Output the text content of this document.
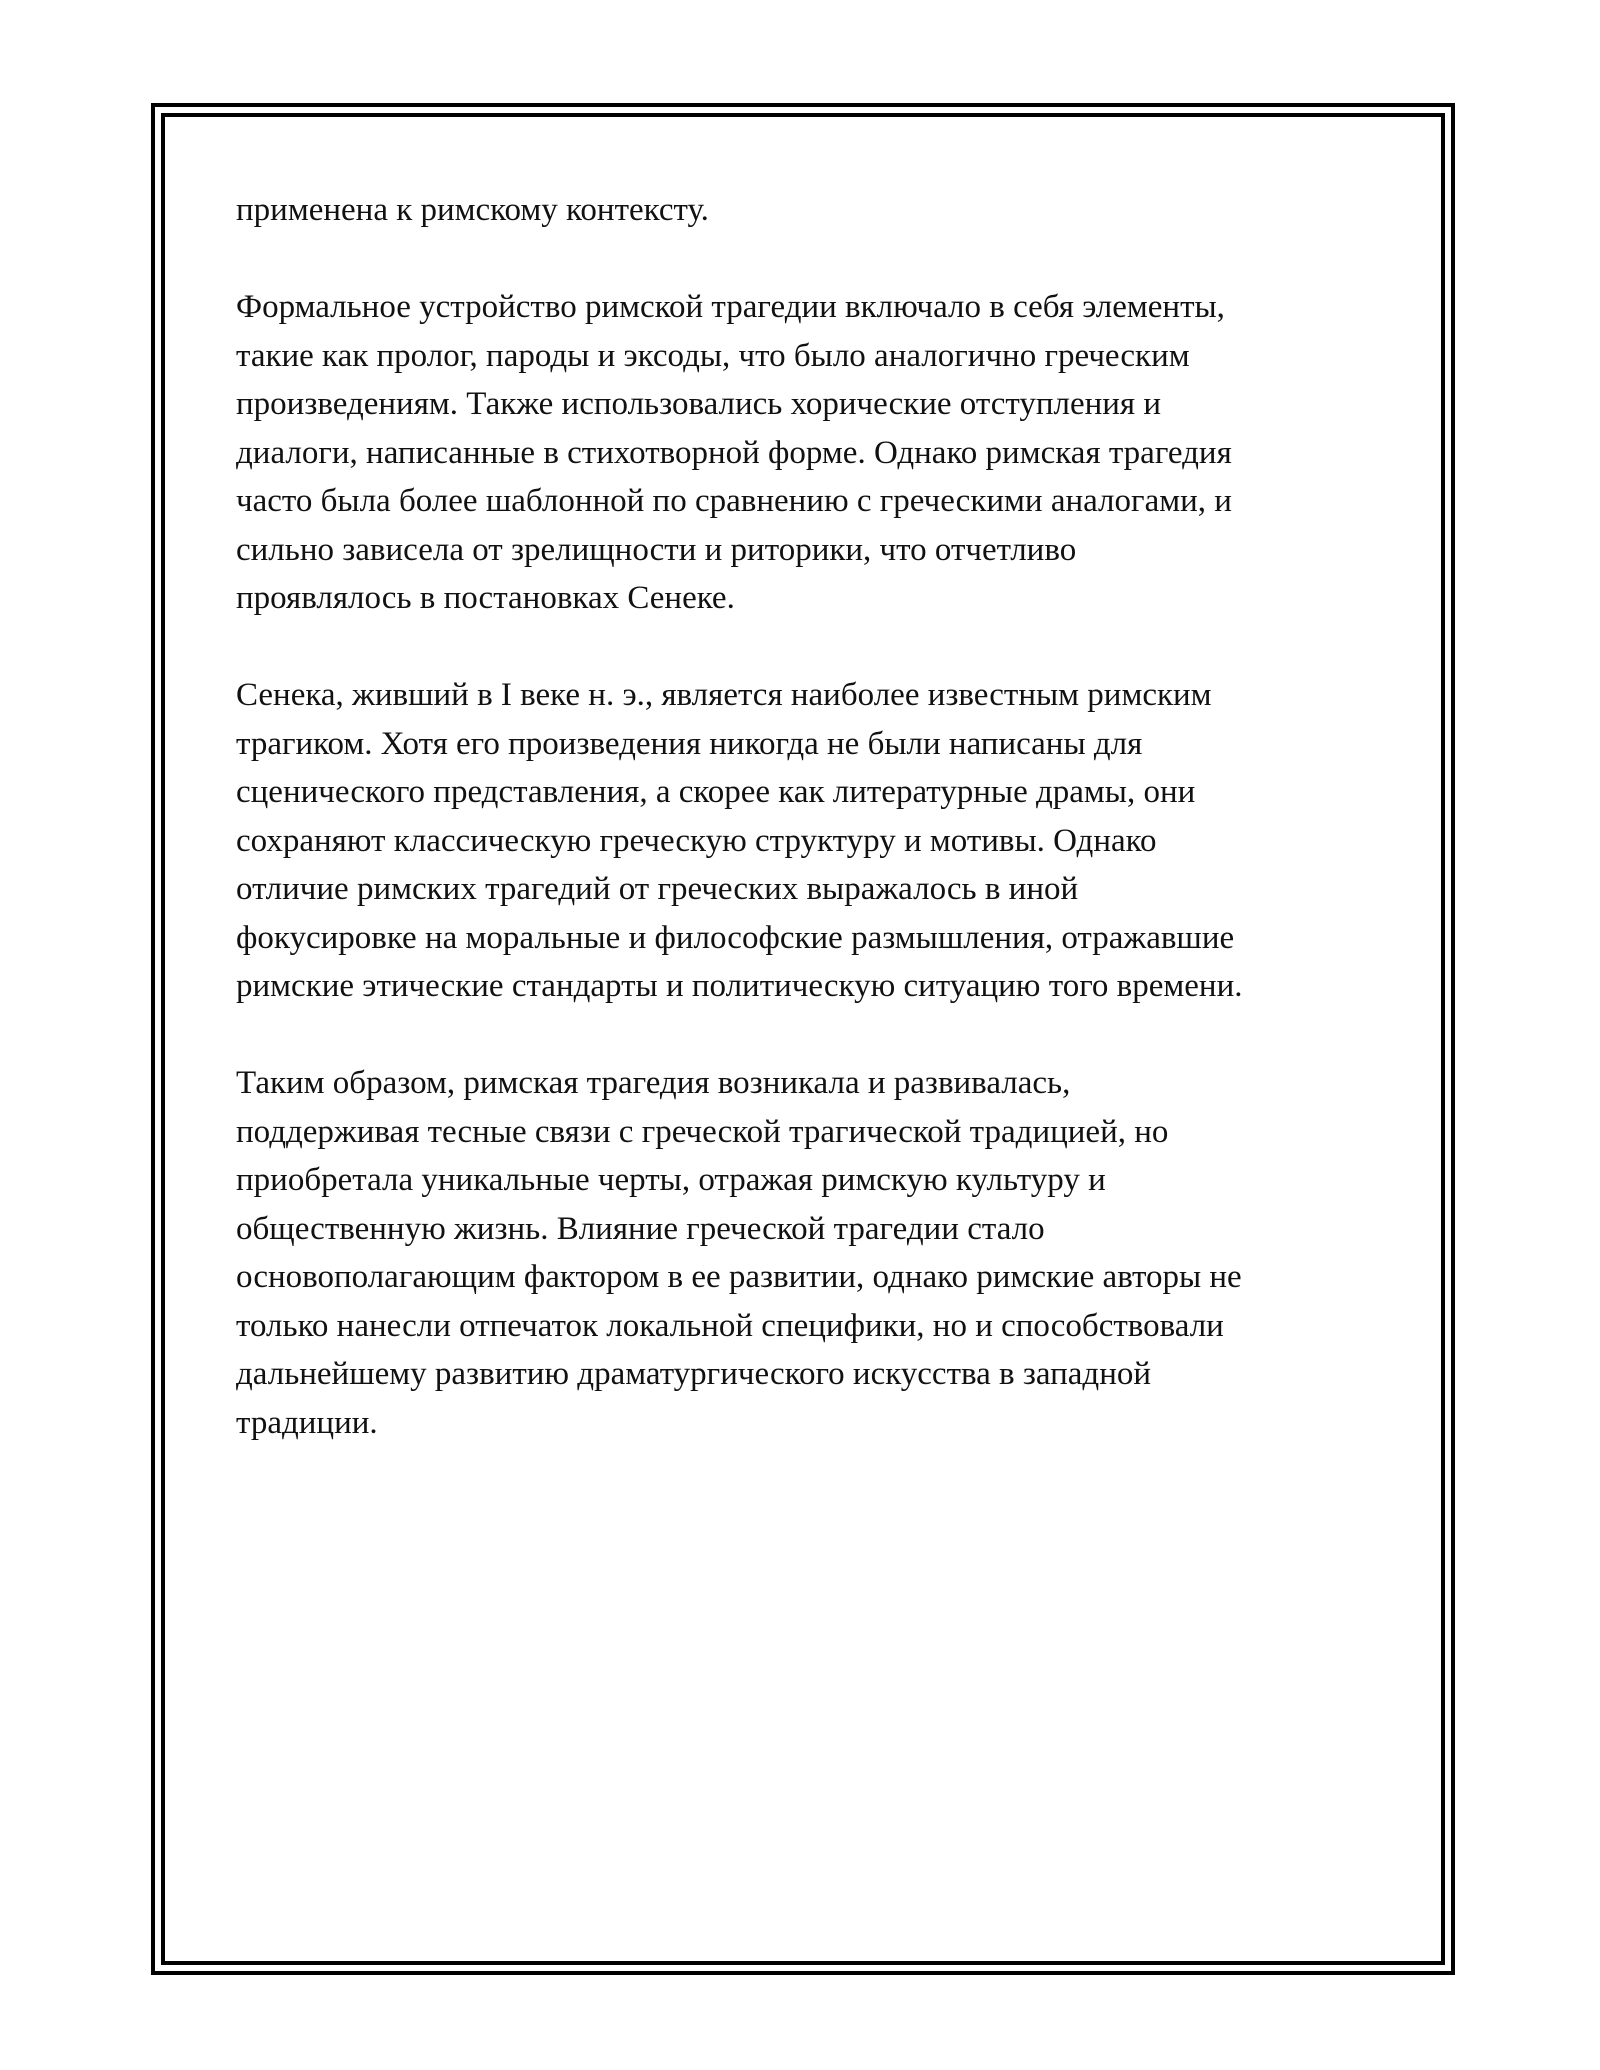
применена к римскому контексту.
Формальное устройство римской трагедии включало в себя элементы,
такие как пролог, пароды и эксоды, что было аналогично греческим
произведениям. Также использовались хорические отступления и
диалоги, написанные в стихотворной форме. Однако римская трагедия
часто была более шаблонной по сравнению с греческими аналогами, и
сильно зависела от зрелищности и риторики, что отчетливо
проявлялось в постановках Сенеке.
Сенека, живший в I веке н. э., является наиболее известным римским
трагиком. Хотя его произведения никогда не были написаны для
сценического представления, а скорее как литературные драмы, они
сохраняют классическую греческую структуру и мотивы. Однако
отличие римских трагедий от греческих выражалось в иной
фокусировке на моральные и философские размышления, отражавшие
римские этические стандарты и политическую ситуацию того времени.
Таким образом, римская трагедия возникала и развивалась,
поддерживая тесные связи с греческой трагической традицией, но
приобретала уникальные черты, отражая римскую культуру и
общественную жизнь. Влияние греческой трагедии стало
основополагающим фактором в ее развитии, однако римские авторы не
только нанесли отпечаток локальной специфики, но и способствовали
дальнейшему развитию драматургического искусства в западной
традиции.
